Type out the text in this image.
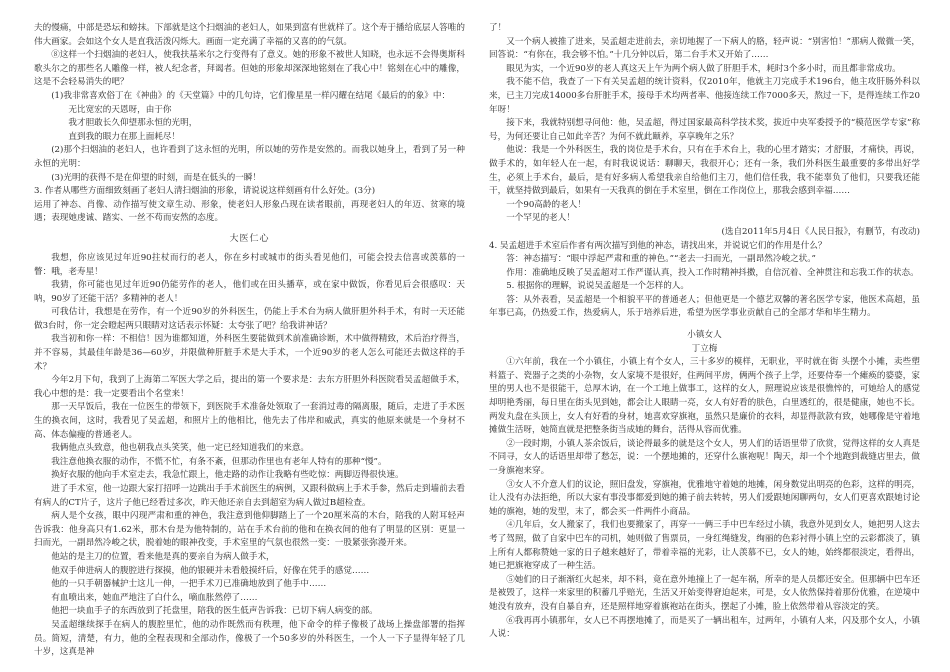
夫的慢痛，中部是恐坛和螃抹。下部就是这个扫烟油的老妇人，如果到富有世就样了。这个寿于播给底层人答唯的伟大画家。会如这个女人是直我活泼闪烁大。画面一定充满了幸福的又喜的的气氛。

⑧这样一个扫烟油的老妇人，使我扶基米尔之行变得有了意义。她的形象不被世人知晓，也永远不会得奥斯科歌头尔之的那些名人雕像一样，被人纪念者，拜谒者。但她的形象却深深地铭刻在了我心中！铭刻在心中的雕像，这是不会轻易消失的吧？

(1)我非常喜欢俗丁在《神曲》的《天堂篇》中的几句诗，它们像星星一样闪耀在结尾《最后的的象》中：

无比宽宏的天恩呀，由于你

我才胆敢长久仰望那永恒的光明，

直到我的眼力在那上面耗尽！

(2)那个扫烟油的老妇人，也许看到了这永恒的光明，所以她的劳作是安然的。而我以她身上，看到了另一种永恒的光明：

(3)光明的获得不是在仰望的时刻，而是在低头的一瞬！

3. 作者从哪些方面细致刻画了老妇人清扫烟油的形象，请说说这样刻画有什么好处。(3分)

运用了神态、肖像、动作描写使文章生动、形象，使老妇人形象凸现在读者眼前，再现老妇人的年迈、贫寒的境遇；表现她虔诚、踏实、一丝不苟而安然的态度。

大医仁心

我想，你应该见过年近90拄杖而行的老人，你在乡村或城市的街头看见他们，可能会投去信喜或羡慕的一瞥：哦，老寿星！

我猜，你可能也见过年近90仍能劳作的老人，他们或在田头播草，或在家中做饭，你看见后会很感叹：天呐，90岁了还能干活？多精神的老人！

可我估计，我想是在劳作，有一个近90岁的外科医生，仍能上手术台为病人做肝胆外科手术，有时一天还能做3台时，你一定会瞪起两只眼睛对这话表示怀疑：太夸张了吧？给我讲神话？

我当初和你一样：不相信！因为谁都知道，外科医生要能做到术前准确诊断，术中做得精致，术后治疗得当，并不容易，其最佳年龄是36—60岁，并限做种肝脏手术是大手术，一个近90岁的老人怎么可能还去做这样的手术？

今年2月下旬，我到了上海第二军医大学之后，提出的第一个要求是：去东方肝胆外科医院看吴孟超做手术，我心中想的是：我一定要看出个名堂来！

那一天早饭后，我在一位医生的带领下，到医院手术准备处领取了一套消过毒的隔离服，随后，走进了手术医生的换衣间，这时，我看见了吴孟超，和照片上的他相比，他先去了伟岸和威武，真实的他原来就是一个身材不高、体态偏瘦的普通老人。

我俩他点头致意，他也朝我点头笑笑，他一定已经知道我们的来意。

我注意他换衣服的动作，不慌不忙，有条不紊，但那动作里也有老年人特有的那种“慢”。

换好衣服的他向手术室走去，我急忙跟上，他走路的动作让我略有些吃惊：两脚迈得很快速。

进了手术室，他一边跟大家打招呼一边跳出手手术前医生的病例，又跟科做病上手术手参，然后走到墙前去看有病人的CT片子，这片子他已经看过多次，昨天他还亲自去到超室为病人做过B超检查。

病人是个女孩，眼中闪现严肃和重的神色，我注意到他仰脚踏上了一个20厘米高的木台，陪我的人附耳轻声告诉我：他身高只有1.62米，那木台是为他特制的，站在手术台前的他和在换衣间的他有了明显的区别：更显一扫而光，一副昂然冷峻之状，脱着她的眼神孜变，手术室里的气氛也很然一变：一股紧张弥漫开来。

他站的是主刀的位置，看来他是真的要亲自为病人做手术，

他双手伸进病人的腹腔进行探摸，他的银硬并未看般摸纤后，好像在凭手的感觉……

他的一只手朝器械护士这儿一伸，一把手术刀已准确地放到了他手中……

有血喷出来，她血严地注了白什么，嘀血胀然停了……

他把一块血手子的东西放到了托盘里，陪我的医生低声告诉我：已切下病人病变的部。

吴孟超继续探手在病人的腹腔里忙，他的动作既然而有秩理，他下命令的样子像极了战场上操盘部署的指挥员。简短，清楚，有力，他的全程表现和全部动作，像极了一个50多岁的外科医生，一个人一下子显得年轻了几十岁，这真是神

了！

又一个病人被推了进来，吴孟超走进前去，亲切地握了一下病人的胳，轻声说：“别害怕！”那病人微微一笑，回答说：“有你在，我会够不怕。”十几分钟以后，第二台手术又开始了……

眼见为实，一个近90岁的老人真这天上午为两个病人做了肝胆手术，耗时3个多小时，而且都非常成功。

我不能不信，我查了一下有关吴孟超的统计资料，仅2010年，他就主刀完成手术196台，他主攻肝肠外科以来，已主刀完成14000多台肝脏手术，接母手术均两者率、他接连续工作7000多天，熬过一下，是得连续工作20年呀！

接下来，我就特别想寻问他：他，吴孟超，得过国家最高科学技术奖，拔近中央军委授予的“模范医学专家”称号，为何还要让自己如此辛苦？为何不就此颐养，享享晚年之乐？

他说：我是一个外科医生，我的岗位是手术台，只有在手术台上，我的心里才踏实；才舒服，才痛快，再说，做手术的，如年轻人在一起，有时我说说话：聊聊天，我很开心；还有一条，我们外科医生最重要的多带出好学生，必须上手术台，最后，是有好多病人希望我亲自给他们主刀，他们信任我，我不能辜负了他们，只要我还能干，就坚持做到最后，如果有一天我真的倒在手术室里，倒在工作岗位上，那我会感到幸福……

一个90高龄的老人！

一个罕见的老人！

(选自2011年5月4日《人民日报》，有删节，有改动)

4. 吴孟超进手术室后作者有两次描写到他的神态，请找出来，并说说它们的作用是什么？

答：神态描写：“眼中浮起严肃和重的神色。”“老去一扫而光，一副昂然冷峻之状。”

作用：准确地反映了吴孟超对工作严谨认真，投入工作时精神抖擞，自信沉着、全神贯注和忘我工作的状态。

5. 根据你的理解，说说吴孟超是一个怎样的人。

答：从外表看，吴孟超是一个相貌平平的普通老人；但他更是一个德艺双馨的著名医学专家，他医术高超，虽年事已高，仍热爱工作，热爱病人，乐于培养后进，希望为医学事业贡献自己的全部才华和毕生精力。

小镇女人
丁立梅

①六年前，我在一个小镇住，小镇上有个女人，三十多岁的模样，无职业，平时就在街 头摆个小摊，卖些塑料篮子、瓷器子之类的小杂物，女人家境不是很好，住两间平房，俩两个孩子上学，还要侍奉一个瘫痪的婆婆，家里的男人也不是很能干，总厚木讷，在一个工地上做事工，这样的女人，照理说应该是很憔悴的，可她给人的感觉却明艳秀丽，每日里在街头见到她，都会让人眼睛一亮，女人有好看的肤色，白里透红的，很是健康，她也不长。两发丸盘在头顶上，女人有好看的身材，她喜欢穿旗袍，虽然只是廉价的衣料，却显得款款有致，她哪像是守着地摊做生活呀，她简直就是把整条街当成她的舞台，活得从容而优雅。

②一段时期，小镇人茶余饭后，谈论得最多的就是这个女人，男人们的话语里带了欣赏，觉得这样的女人真是不同寻，女人的话语里却带了愁怎，说：一个摆地摊的，还穿什么旗袍呢！陶天，却一个个地跑到裁缝店里去，做一身旗袍来穿。

③女人不介意人们的议论，照旧盘发，穿旗袍，优雅地守着她的地摊，闲身数觉出明亮的色彩，这样的明亮，让人没有办法拒绝，所以大家有事没事都爱到她的摊子前去转转，男人们爱跟她闲聊两句，女人们更喜欢跟她讨论她的旗袍，她的发型，末了，都会买一件两件小商品。

④几年后，女人搬家了，我们也要搬家了，再穿一一俩三手中巴车经过小镇，我意外见到女人，她把男人这去考了驾照，做了自家中巴车的司机，她则做了售票员，一身红绳缝发，绚丽的色彩衬得小镇上空的云彩都淡了，镇上所有人都称赞她一家的日子越来越好了，带着幸福的光彩，让人羡慕不已，女人的她，始终都很淡定，看得出，她已把旗袍穿成了一种生活。

⑤她们的日子渐渐红火起来，却不料，竟在意外地撞上了一起车祸，所幸的是人员都还安全。但那辆中巴车还是被毁了，这样一来家里的积蓄几乎赔光，生活又开始变得窘迫起来，可是，女人依然保持着那份优雅，在逆境中她没有放弃，没有自暴自弃，还是照样地穿着旗袍站在街头，摆起了小摊，脸上依然带着从容淡定的笑。

⑥我再再小镇那年，女人已不再摆地摊了，而是买了一辆出租车，过两年，小镇有人来，闪及那个女人，小镇人说：
